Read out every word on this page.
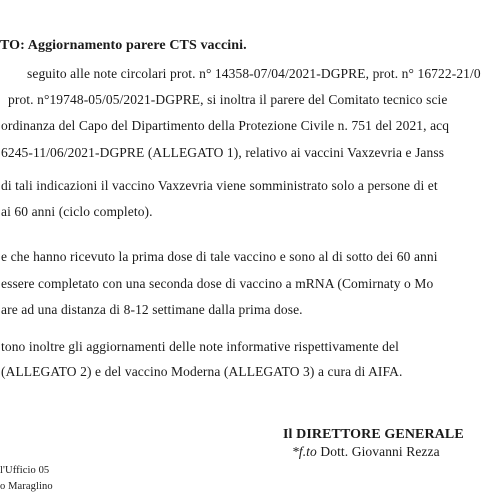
TO: Aggiornamento parere CTS vaccini.
seguito alle note circolari prot. n° 14358-07/04/2021-DGPRE, prot. n° 16722-21/0
prot. n°19748-05/05/2021-DGPRE, si inoltra il parere del Comitato tecnico scie
ordinanza del Capo del Dipartimento della Protezione Civile n. 751 del 2021, acq
6245-11/06/2021-DGPRE (ALLEGATO 1), relativo ai vaccini Vaxzevria e Janss
di tali indicazioni il vaccino Vaxzevria viene somministrato solo a persone di et
ai 60 anni (ciclo completo).
e che hanno ricevuto la prima dose di tale vaccino e sono al di sotto dei 60 anni
essere completato con una seconda dose di vaccino a mRNA (Comirnaty o Mo
are ad una distanza di 8-12 settimane dalla prima dose.
tono inoltre gli aggiornamenti delle note informative rispettivamente del
(ALLEGATO 2) e del vaccino Moderna (ALLEGATO 3) a cura di AIFA.
Il DIRETTORE GENERALE
*f.to Dott. Giovanni Rezza
l'Ufficio 05
o Maraglino
